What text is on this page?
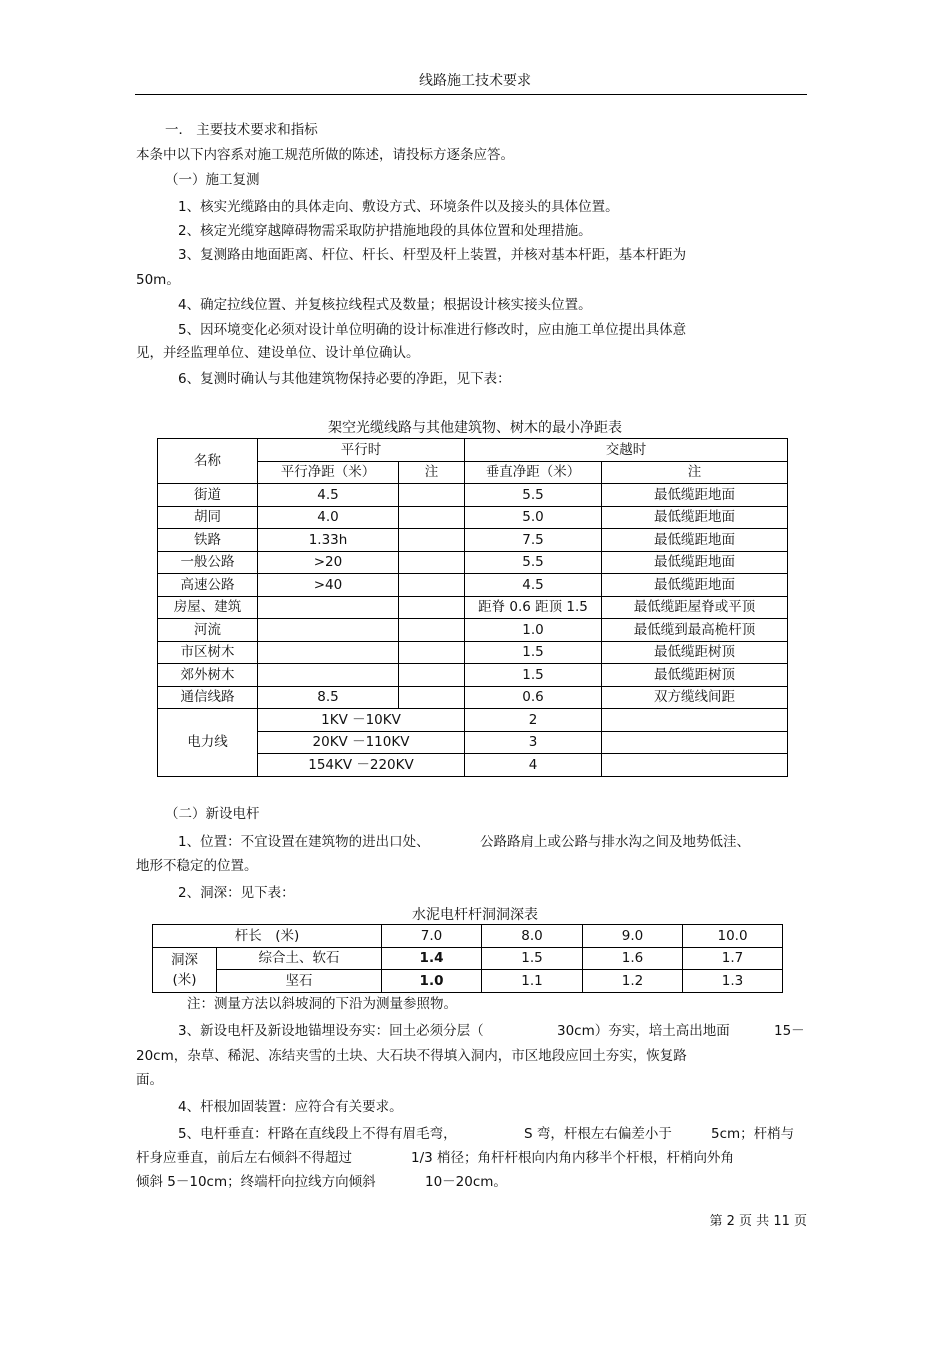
线路施工技术要求
一． 主要技术要求和指标
本条中以下内容系对施工规范所做的陈述，请投标方逐条应答。
（一）施工复测
1、核实光缆路由的具体走向、敷设方式、环境条件以及接头的具体位置。
2、核定光缆穿越障碍物需采取防护措施地段的具体位置和处理措施。
3、复测路由地面距离、杆位、杆长、杆型及杆上装置，并核对基本杆距，基本杆距为
50m。
4、确定拉线位置、并复核拉线程式及数量；根据设计核实接头位置。
5、因环境变化必须对设计单位明确的设计标准进行修改时，应由施工单位提出具体意
见，并经监理单位、建设单位、设计单位确认。
6、复测时确认与其他建筑物保持必要的净距，见下表：
架空光缆线路与其他建筑物、树木的最小净距表
名称	平行时		交越时	
	平行净距（米）	注	垂直净距（米）	注
街道	4.5		5.5	最低缆距地面
胡同	4.0		5.0	最低缆距地面
铁路	1.33h		7.5	最低缆距地面
一般公路	>20		5.5	最低缆距地面
高速公路	>40		4.5	最低缆距地面
房屋、建筑			距脊 0.6 距顶 1.5	最低缆距屋脊或平顶
河流			1.0	最低缆到最高桅杆顶
市区树木			1.5	最低缆距树顶
郊外树木			1.5	最低缆距树顶
通信线路	8.5		0.6	双方缆线间距
电力线	1KV －10KV		2	
	20KV －110KV		3	
	154KV －220KV		4	
（二）新设电杆
1、位置：不宜设置在建筑物的进出口处、	公路路肩上或公路与排水沟之间及地势低洼、
地形不稳定的位置。
2、洞深：见下表：
水泥电杆杆洞洞深表
杆长　(米)		7.0	8.0	9.0	10.0

洞深
(米)	综合土、软石	1.4	1.5	1.6	1.7
	坚石	1.0	1.1	1.2	1.3
注：测量方法以斜坡洞的下沿为测量参照物。
3、新设电杆及新设地锚埋设夯实：回土必须分层（	30cm）夯实，培土高出地面	15－
20cm，杂草、稀泥、冻结夹雪的土块、大石块不得填入洞内，市区地段应回土夯实，恢复路
面。
4、杆根加固装置：应符合有关要求。
5、电杆垂直：杆路在直线段上不得有眉毛弯，	S 弯，杆根左右偏差小于	5cm；杆梢与
杆身应垂直，前后左右倾斜不得超过	1/3 梢径；角杆杆根向内角内移半个杆根，杆梢向外角
倾斜 5－10cm；终端杆向拉线方向倾斜	10－20cm。
第 2 页 共 11 页
